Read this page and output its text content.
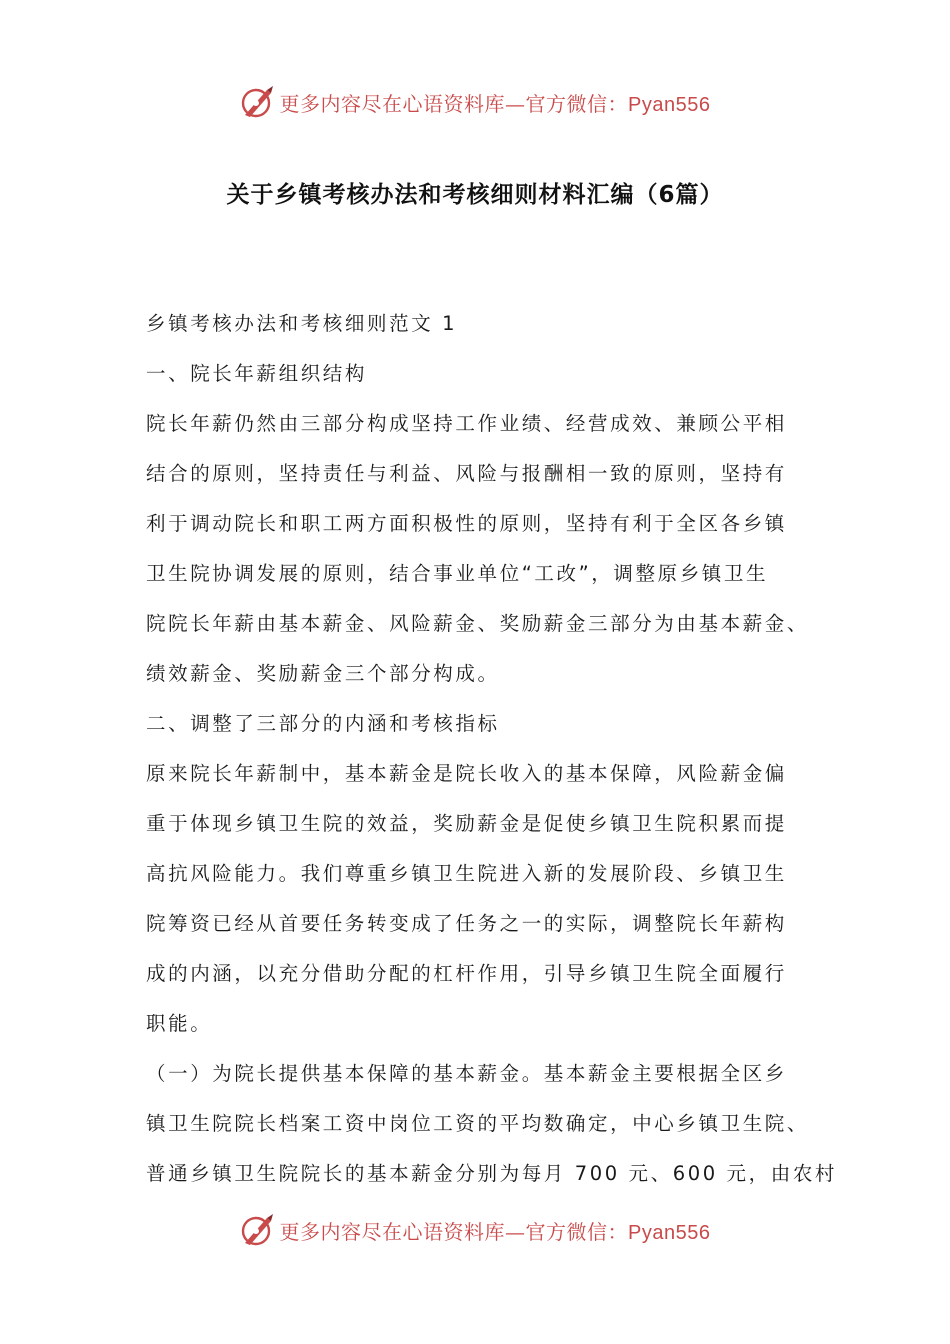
更多内容尽在心语资料库—官方微信：Pyan556
关于乡镇考核办法和考核细则材料汇编（6篇）
乡镇考核办法和考核细则范文 1
一、院长年薪组织结构
院长年薪仍然由三部分构成坚持工作业绩、经营成效、兼顾公平相
结合的原则，坚持责任与利益、风险与报酬相一致的原则，坚持有
利于调动院长和职工两方面积极性的原则，坚持有利于全区各乡镇
卫生院协调发展的原则，结合事业单位“工改”，调整原乡镇卫生
院院长年薪由基本薪金、风险薪金、奖励薪金三部分为由基本薪金、
绩效薪金、奖励薪金三个部分构成。
二、调整了三部分的内涵和考核指标
原来院长年薪制中，基本薪金是院长收入的基本保障，风险薪金偏
重于体现乡镇卫生院的效益，奖励薪金是促使乡镇卫生院积累而提
高抗风险能力。我们尊重乡镇卫生院进入新的发展阶段、乡镇卫生
院筹资已经从首要任务转变成了任务之一的实际，调整院长年薪构
成的内涵，以充分借助分配的杠杆作用，引导乡镇卫生院全面履行
职能。
（一）为院长提供基本保障的基本薪金。基本薪金主要根据全区乡
镇卫生院院长档案工资中岗位工资的平均数确定，中心乡镇卫生院、
普通乡镇卫生院院长的基本薪金分别为每月 700 元、600 元，由农村
更多内容尽在心语资料库—官方微信：Pyan556
